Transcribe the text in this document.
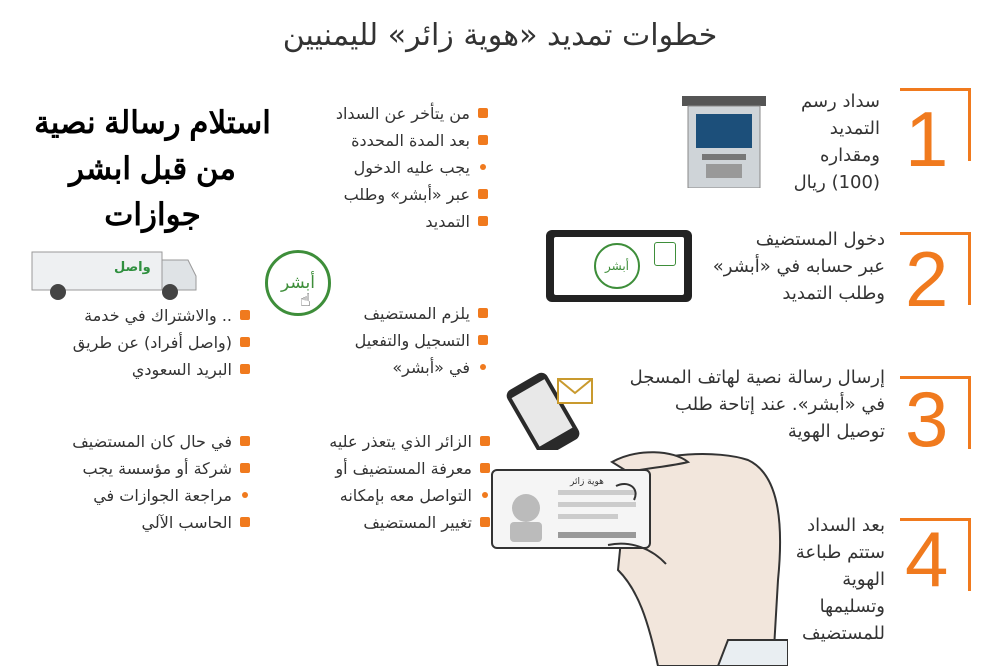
خطوات تمديد «هوية زائر» لليمنيين
استلام رسالة نصية
من قبل ابشر جوازات
1
سداد رسم
التمديد
ومقداره
(100) ريال
2
دخول المستضيف
عبر حسابه في «أبشر»
وطلب التمديد
أبشر
3
إرسال رسالة نصية لهاتف المسجل
في «أبشر». عند إتاحة طلب
توصيل الهوية
4
بعد السداد
ستتم طباعة
الهوية
وتسليمها
للمستضيف
هوية زائر
من يتأخر عن السداد
بعد المدة المحددة
يجب عليه الدخول
عبر «أبشر» وطلب
التمديد
يلزم المستضيف
التسجيل والتفعيل
في «أبشر»
الزائر الذي يتعذر عليه
معرفة المستضيف أو
التواصل معه بإمكانه
تغيير المستضيف
أبشر
☝
واصل
.. والاشتراك في خدمة
(واصل أفراد) عن طريق
البريد السعودي
في حال كان المستضيف
شركة أو مؤسسة يجب
مراجعة الجوازات في
الحاسب الآلي
